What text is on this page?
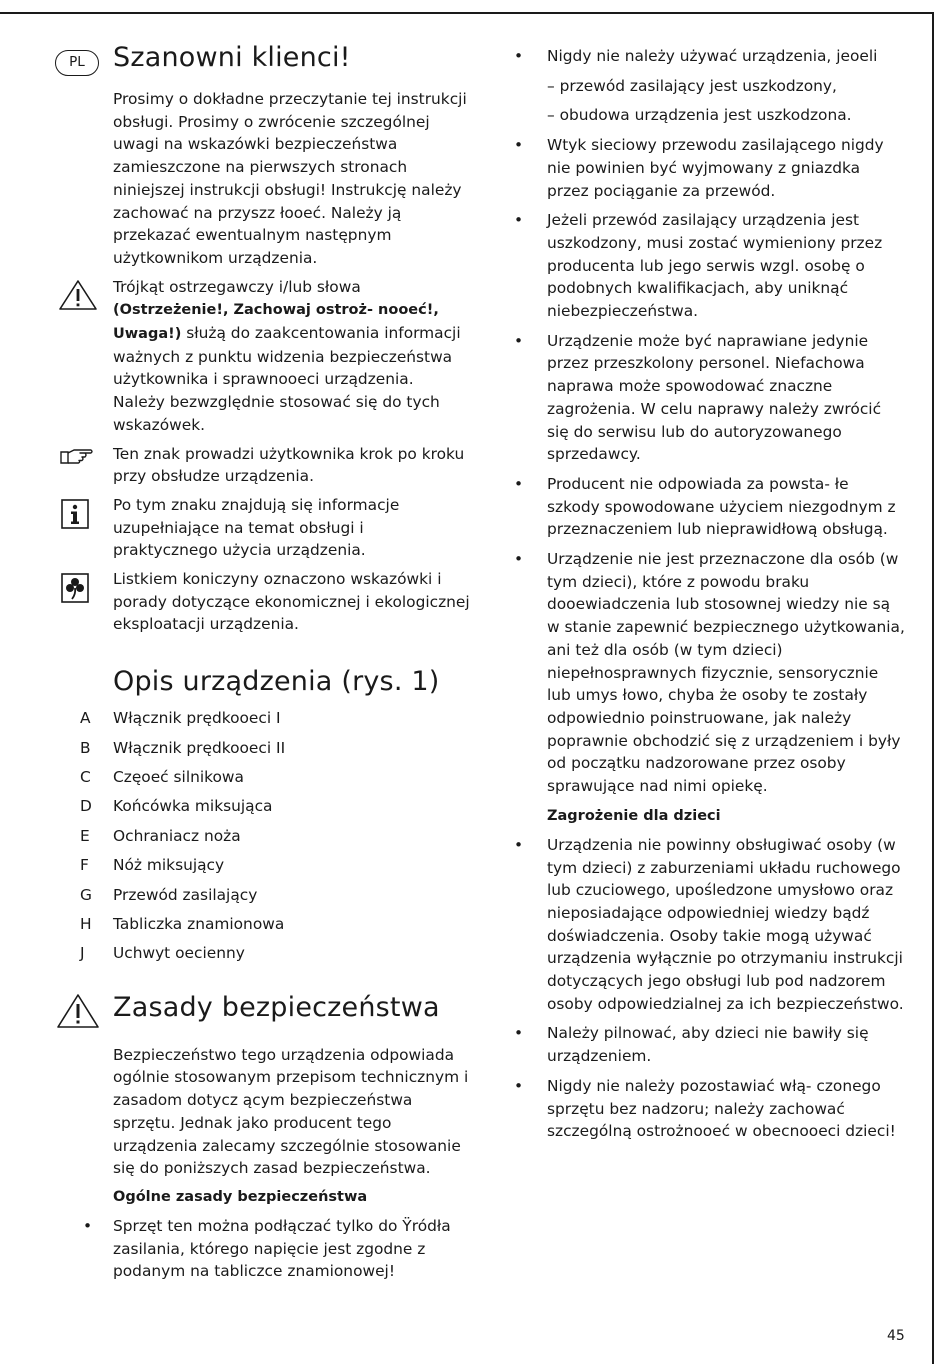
PL	Szanowni klienci!

Prosimy o dokładne przeczytanie tej instrukcji obsługi. Prosimy o zwrócenie szczególnej uwagi na wskazówki bezpieczeństwa zamieszczone na pierwszych stronach niniejszej instrukcji obsługi! Instrukcję należy zachować na przyszz łooeć. Należy ją przekazać ewentualnym następnym użytkownikom urządzenia.

Trójkąt ostrzegawczy i/lub słowa
(Ostrzeżenie!, Zachowaj ostroż- nooeć!, Uwaga!) służą do zaakcentowania informacji ważnych z punktu widzenia bezpieczeństwa użytkownika i sprawnooeci urządzenia. Należy bezwzględnie stosować się do tych wskazówek.

Ten znak prowadzi użytkownika krok po kroku przy obsłudze urządzenia.

Po tym znaku znajdują się informacje uzupełniające na temat obsługi i praktycznego użycia urządzenia.

Listkiem koniczyny oznaczono wskazówki i porady dotyczące ekonomicznej i ekologicznej eksploatacji urządzenia.

Opis urządzenia (rys. 1)
A Włącznik prędkooeci I
B Włącznik prędkooeci II
C Częoeć silnikowa
D Końcówka miksująca
E Ochraniacz noża
F Nóż miksujący
G Przewód zasilający
H Tabliczka znamionowa
J Uchwyt oecienny
Zasady bezpieczeństwa

Bezpieczeństwo tego urządzenia odpowiada ogólnie stosowanym przepisom technicznym i zasadom dotycz ącym bezpieczeństwa sprzętu. Jednak jako producent tego urządzenia zalecamy szczególnie stosowanie się do poniższych zasad bezpieczeństwa.

Ogólne zasady bezpieczeństwa
• Sprzęt ten można podłączać tylko do Ÿródła zasilania, którego napięcie jest zgodne z podanym na tabliczce znamionowej!

• Nigdy nie należy używać urządzenia, jeoeli

– przewód zasilający jest uszkodzony,

– obudowa urządzenia jest uszkodzona.

• Wtyk sieciowy przewodu zasilającego nigdy nie powinien być wyjmowany z gniazdka przez pociąganie za przewód.

• Jeżeli przewód zasilający urządzenia jest uszkodzony, musi zostać wymieniony przez producenta lub jego serwis wzgl. osobę o podobnych kwalifikacjach, aby uniknąć niebezpieczeństwa.

• Urządzenie może być naprawiane jedynie przez przeszkolony personel. Niefachowa naprawa może spowodować znaczne zagrożenia. W celu naprawy należy zwrócić się do serwisu lub do autoryzowanego sprzedawcy.

• Producent nie odpowiada za powsta- łe szkody spowodowane użyciem niezgodnym z przeznaczeniem lub nieprawidłową obsługą.

• Urządzenie nie jest przeznaczone dla osób (w tym dzieci), które z powodu braku dooewiadczenia lub stosownej wiedzy nie są w stanie zapewnić bezpiecznego użytkowania, ani też dla osób (w tym dzieci) niepełnosprawnych fizycznie, sensorycznie lub umys łowo, chyba że osoby te zostały odpowiednio poinstruowane, jak należy poprawnie obchodzić się z urządzeniem i były od początku nadzorowane przez osoby sprawujące nad nimi opiekę.

Zagrożenie dla dzieci
• Urządzenia nie powinny obsługiwać osoby (w tym dzieci) z zaburzeniami układu ruchowego lub czuciowego, upośledzone umysłowo oraz nieposiadające odpowiedniej wiedzy bądź doświadczenia. Osoby takie mogą używać urządzenia wyłącznie po otrzymaniu instrukcji dotyczących jego obsługi lub pod nadzorem osoby odpowiedzialnej za ich bezpieczeństwo.

• Należy pilnować, aby dzieci nie bawiły się urządzeniem.

• Nigdy nie należy pozostawiać włą- czonego sprzętu bez nadzoru; należy zachować szczególną ostrożnooeć w obecnooeci dzieci!

45
